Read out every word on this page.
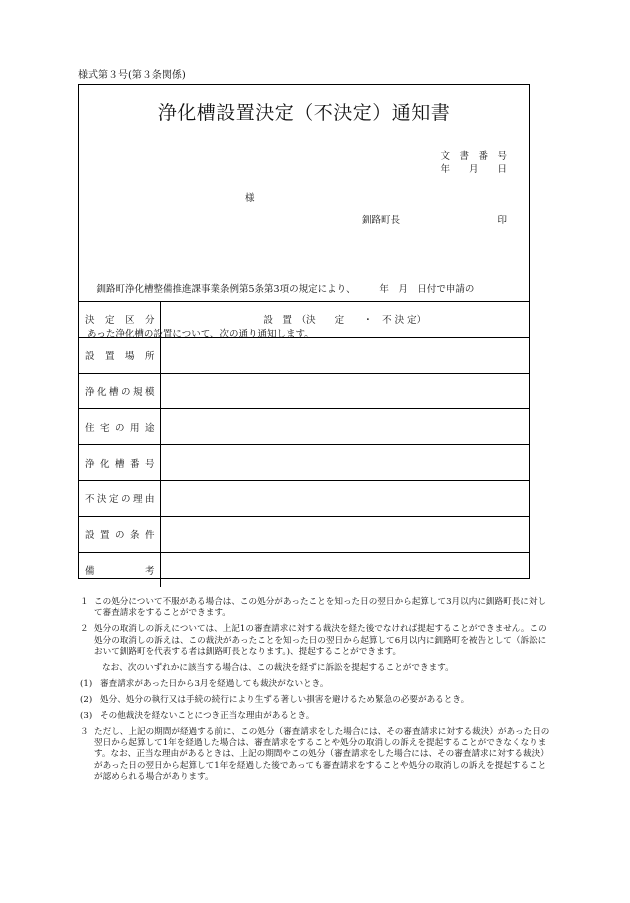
様式第３号(第３条関係)
浄化槽設置決定（不決定）通知書
文　書　番　号
年　　月　　日
様
釧路町長	印

　釧路町浄化槽整備推進課事業条例第5条第3項の規定により、　　　年　月　日付で申請の

あった浄化槽の設置について、次の通り通知します。

決定区分	設　置　（決　　定　　・　不 決 定）
設置場所	
浄化槽の規模	
住宅の用途	
浄化槽番号	
不決定の理由	
設置の条件	
備考	
１ この処分について不服がある場合は、この処分があったことを知った日の翌日から起算して3月以内に釧路町長に対して審査請求をすることができます。
２ 処分の取消しの訴えについては、上記1の審査請求に対する裁決を経た後でなければ提起することができません。この処分の取消しの訴えは、この裁決があったことを知った日の翌日から起算して6月以内に釧路町を被告として（訴訟において釧路町を代表する者は釧路町長となります。)、提起することができます。
なお、次のいずれかに該当する場合は、この裁決を経ずに訴訟を提起することができます。
(1) 審査請求があった日から3月を経過しても裁決がないとき。
(2) 処分、処分の執行又は手続の続行により生ずる著しい損害を避けるため緊急の必要があるとき。
(3) その他裁決を経ないことにつき正当な理由があるとき。
３ ただし、上記の期間が経過する前に、この処分（審査請求をした場合には、その審査請求に対する裁決）があった日の翌日から起算して1年を経過した場合は、審査請求をすることや処分の取消しの訴えを提起することができなくなります。なお、正当な理由があるときは、上記の期間やこの処分（審査請求をした場合には、その審査請求に対する裁決）があった日の翌日から起算して1年を経過した後であっても審査請求をすることや処分の取消しの訴えを提起することが認められる場合があります。
